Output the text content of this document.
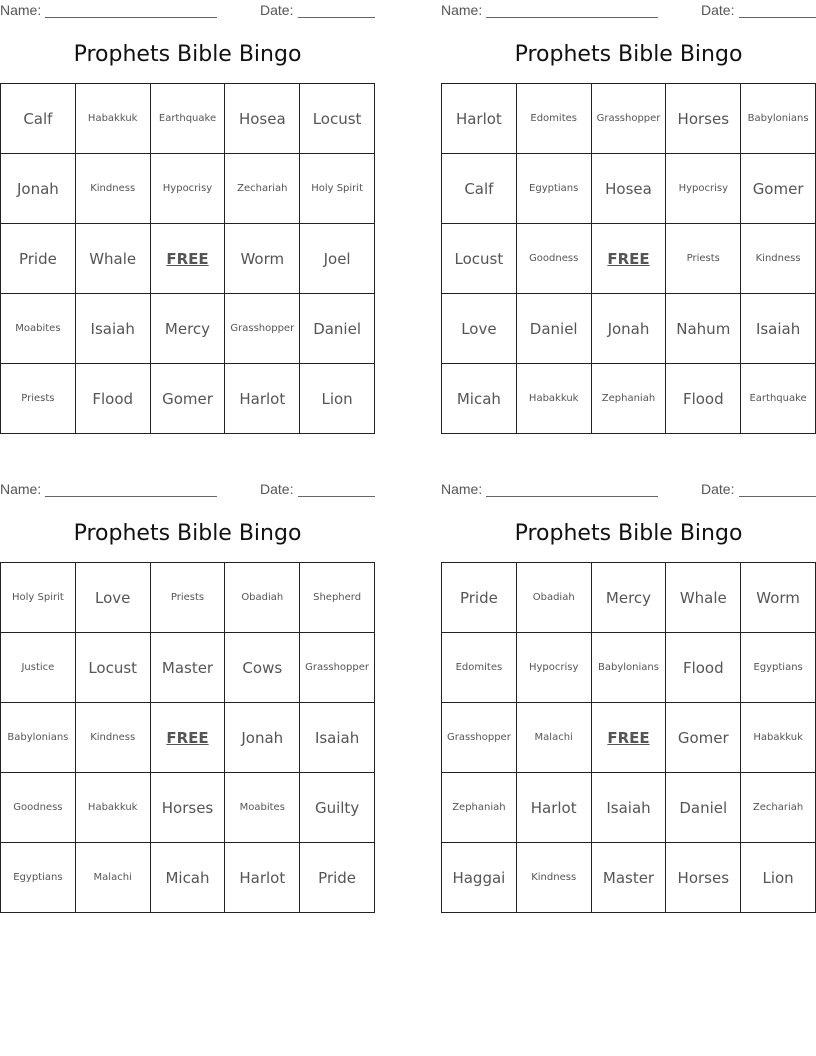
Name:	Date:
Prophets Bible Bingo
Calf	Habakkuk	Earthquake	Hosea	Locust
Jonah	Kindness	Hypocrisy	Zechariah	Holy Spirit
Pride	Whale	FREE	Worm	Joel
Moabites	Isaiah	Mercy	Grasshopper	Daniel
Priests	Flood	Gomer	Harlot	Lion
Name:	Date:
Prophets Bible Bingo
Harlot	Edomites	Grasshopper	Horses	Babylonians
Calf	Egyptians	Hosea	Hypocrisy	Gomer
Locust	Goodness	FREE	Priests	Kindness
Love	Daniel	Jonah	Nahum	Isaiah
Micah	Habakkuk	Zephaniah	Flood	Earthquake
Name:	Date:
Prophets Bible Bingo
Holy Spirit	Love	Priests	Obadiah	Shepherd
Justice	Locust	Master	Cows	Grasshopper
Babylonians	Kindness	FREE	Jonah	Isaiah
Goodness	Habakkuk	Horses	Moabites	Guilty
Egyptians	Malachi	Micah	Harlot	Pride
Name:	Date:
Prophets Bible Bingo
Pride	Obadiah	Mercy	Whale	Worm
Edomites	Hypocrisy	Babylonians	Flood	Egyptians
Grasshopper	Malachi	FREE	Gomer	Habakkuk
Zephaniah	Harlot	Isaiah	Daniel	Zechariah
Haggai	Kindness	Master	Horses	Lion
